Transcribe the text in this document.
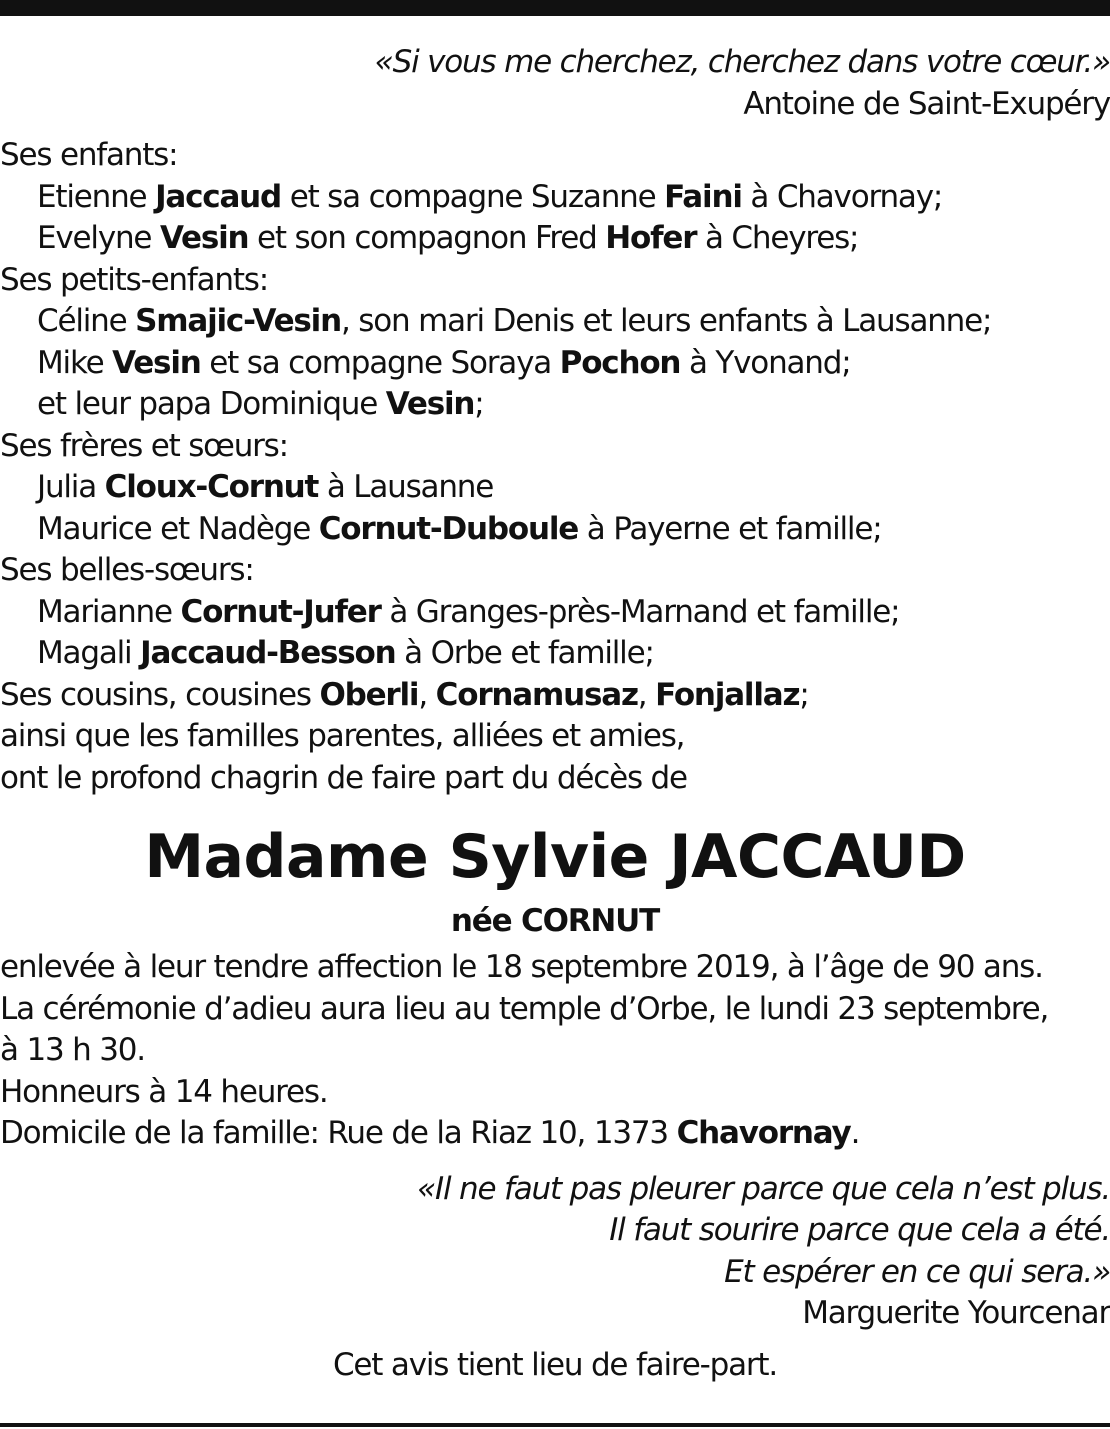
«Si vous me cherchez, cherchez dans votre cœur.»
Antoine de Saint-Exupéry
Ses enfants:
Etienne Jaccaud et sa compagne Suzanne Faini à Chavornay;
Evelyne Vesin et son compagnon Fred Hofer à Cheyres;
Ses petits-enfants:
Céline Smajic-Vesin, son mari Denis et leurs enfants à Lausanne;
Mike Vesin et sa compagne Soraya Pochon à Yvonand;
et leur papa Dominique Vesin;
Ses frères et sœurs:
Julia Cloux-Cornut à Lausanne
Maurice et Nadège Cornut-Duboule à Payerne et famille;
Ses belles-sœurs:
Marianne Cornut-Jufer à Granges-près-Marnand et famille;
Magali Jaccaud-Besson à Orbe et famille;
Ses cousins, cousines Oberli, Cornamusaz, Fonjallaz;
ainsi que les familles parentes, alliées et amies,
ont le profond chagrin de faire part du décès de
Madame Sylvie JACCAUD
née CORNUT
enlevée à leur tendre affection le 18 septembre 2019, à l’âge de 90 ans.
La cérémonie d’adieu aura lieu au temple d’Orbe, le lundi 23 septembre,
à 13 h 30.
Honneurs à 14 heures.
Domicile de la famille: Rue de la Riaz 10, 1373 Chavornay.
«Il ne faut pas pleurer parce que cela n’est plus.
Il faut sourire parce que cela a été.
Et espérer en ce qui sera.»
Marguerite Yourcenar
Cet avis tient lieu de faire-part.
